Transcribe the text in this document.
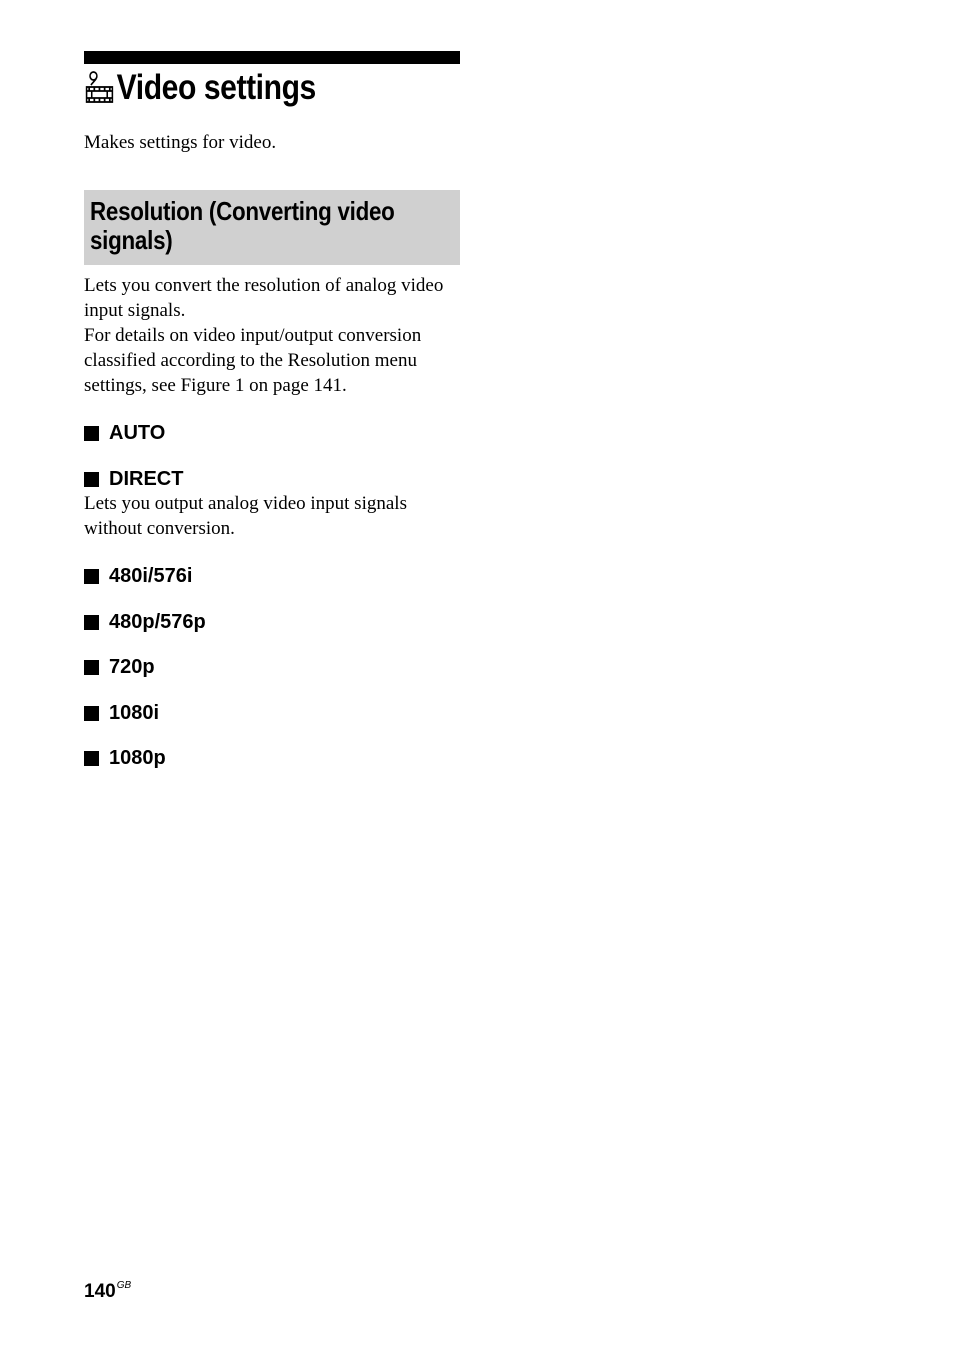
Video settings
Makes settings for video.
Resolution (Converting video
signals)
Lets you convert the resolution of analog video
input signals.
For details on video input/output conversion
classified according to the Resolution menu
settings, see Figure 1 on page 141.
AUTO
DIRECT
Lets you output analog video input signals
without conversion.
480i/576i
480p/576p
720p
1080i
1080p
$140^{GB}$
